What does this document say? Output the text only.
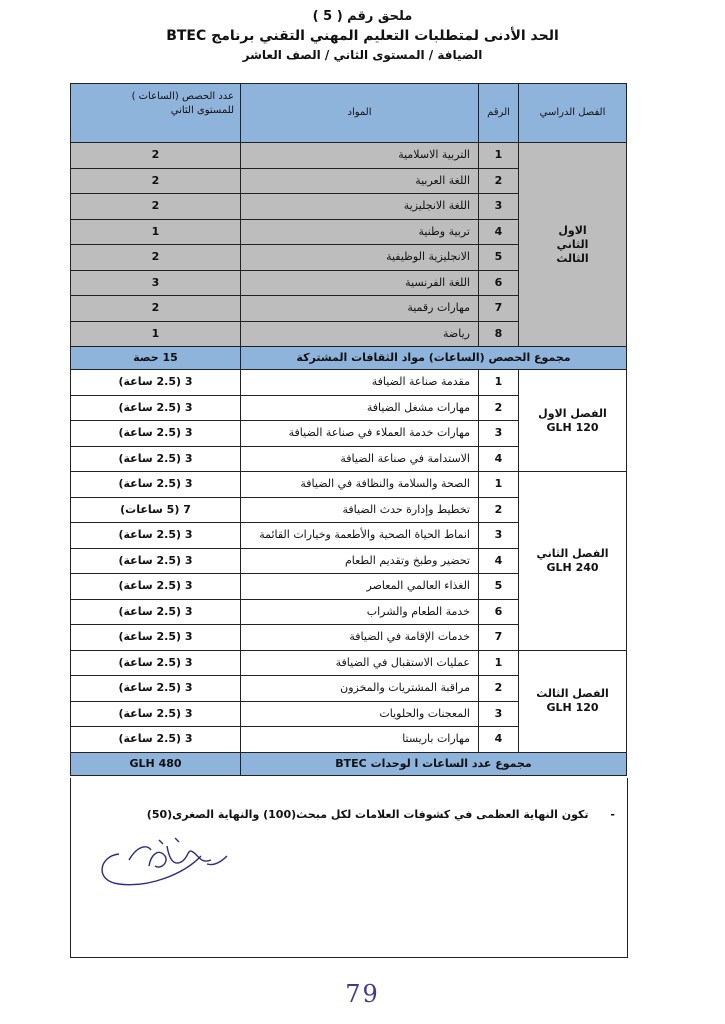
ملحق رقم ( 5 )
الحد الأدنى لمتطلبات التعليم المهني التقني برنامج BTEC
الضيافة / المستوى الثاني / الصف العاشر
الفصل الدراسي	الرقم	المواد	عدد الحصص (الساعات )
للمستوى الثاني

الاول
الثاني
الثالث	1	التربية الاسلامية	2
	2	اللغة العربية	2
	3	اللغة الانجليزية	2
	4	تربية وطنية	1
	5	الانجليزية الوظيفية	2
	6	اللغة الفرنسية	3
	7	مهارات رقمية	2
	8	رياضة	1
مجموع الحصص (الساعات) مواد الثقافات المشتركة			15 حصة

الفصل الاول
120 GLH	1	مقدمة صناعة الضيافة	3 (2.5 ساعة)
	2	مهارات مشغل الضيافة	3 (2.5 ساعة)
	3	مهارات خدمة العملاء في صناعة الضيافة	3 (2.5 ساعة)
	4	الاستدامة في صناعة الضيافة	3 (2.5 ساعة)

الفصل الثاني
240 GLH	1	الصحة والسلامة والنظافة في الضيافة	3 (2.5 ساعة)
	2	تخطيط وإدارة حدث الضيافة	7 (5 ساعات)
	3	انماط الحياة الصحية والأطعمة وخيارات القائمة	3 (2.5 ساعة)
	4	تحضير وطبخ وتقديم الطعام	3 (2.5 ساعة)
	5	الغذاء العالمي المعاصر	3 (2.5 ساعة)
	6	خدمة الطعام والشراب	3 (2.5 ساعة)
	7	خدمات الإقامة في الضيافة	3 (2.5 ساعة)

الفصل الثالث
120 GLH	1	عمليات الاستقبال في الضيافة	3 (2.5 ساعة)
	2	مراقبة المشتريات والمخزون	3 (2.5 ساعة)
	3	المعجنات والحلويات	3 (2.5 ساعة)
	4	مهارات باريستا	3 (2.5 ساعة)
مجموع عدد الساعات ا لوحدات BTEC			480 GLH
- تكون النهاية العظمى في كشوفات العلامات لكل مبحث(100) والنهاية الصغرى(50)
79
